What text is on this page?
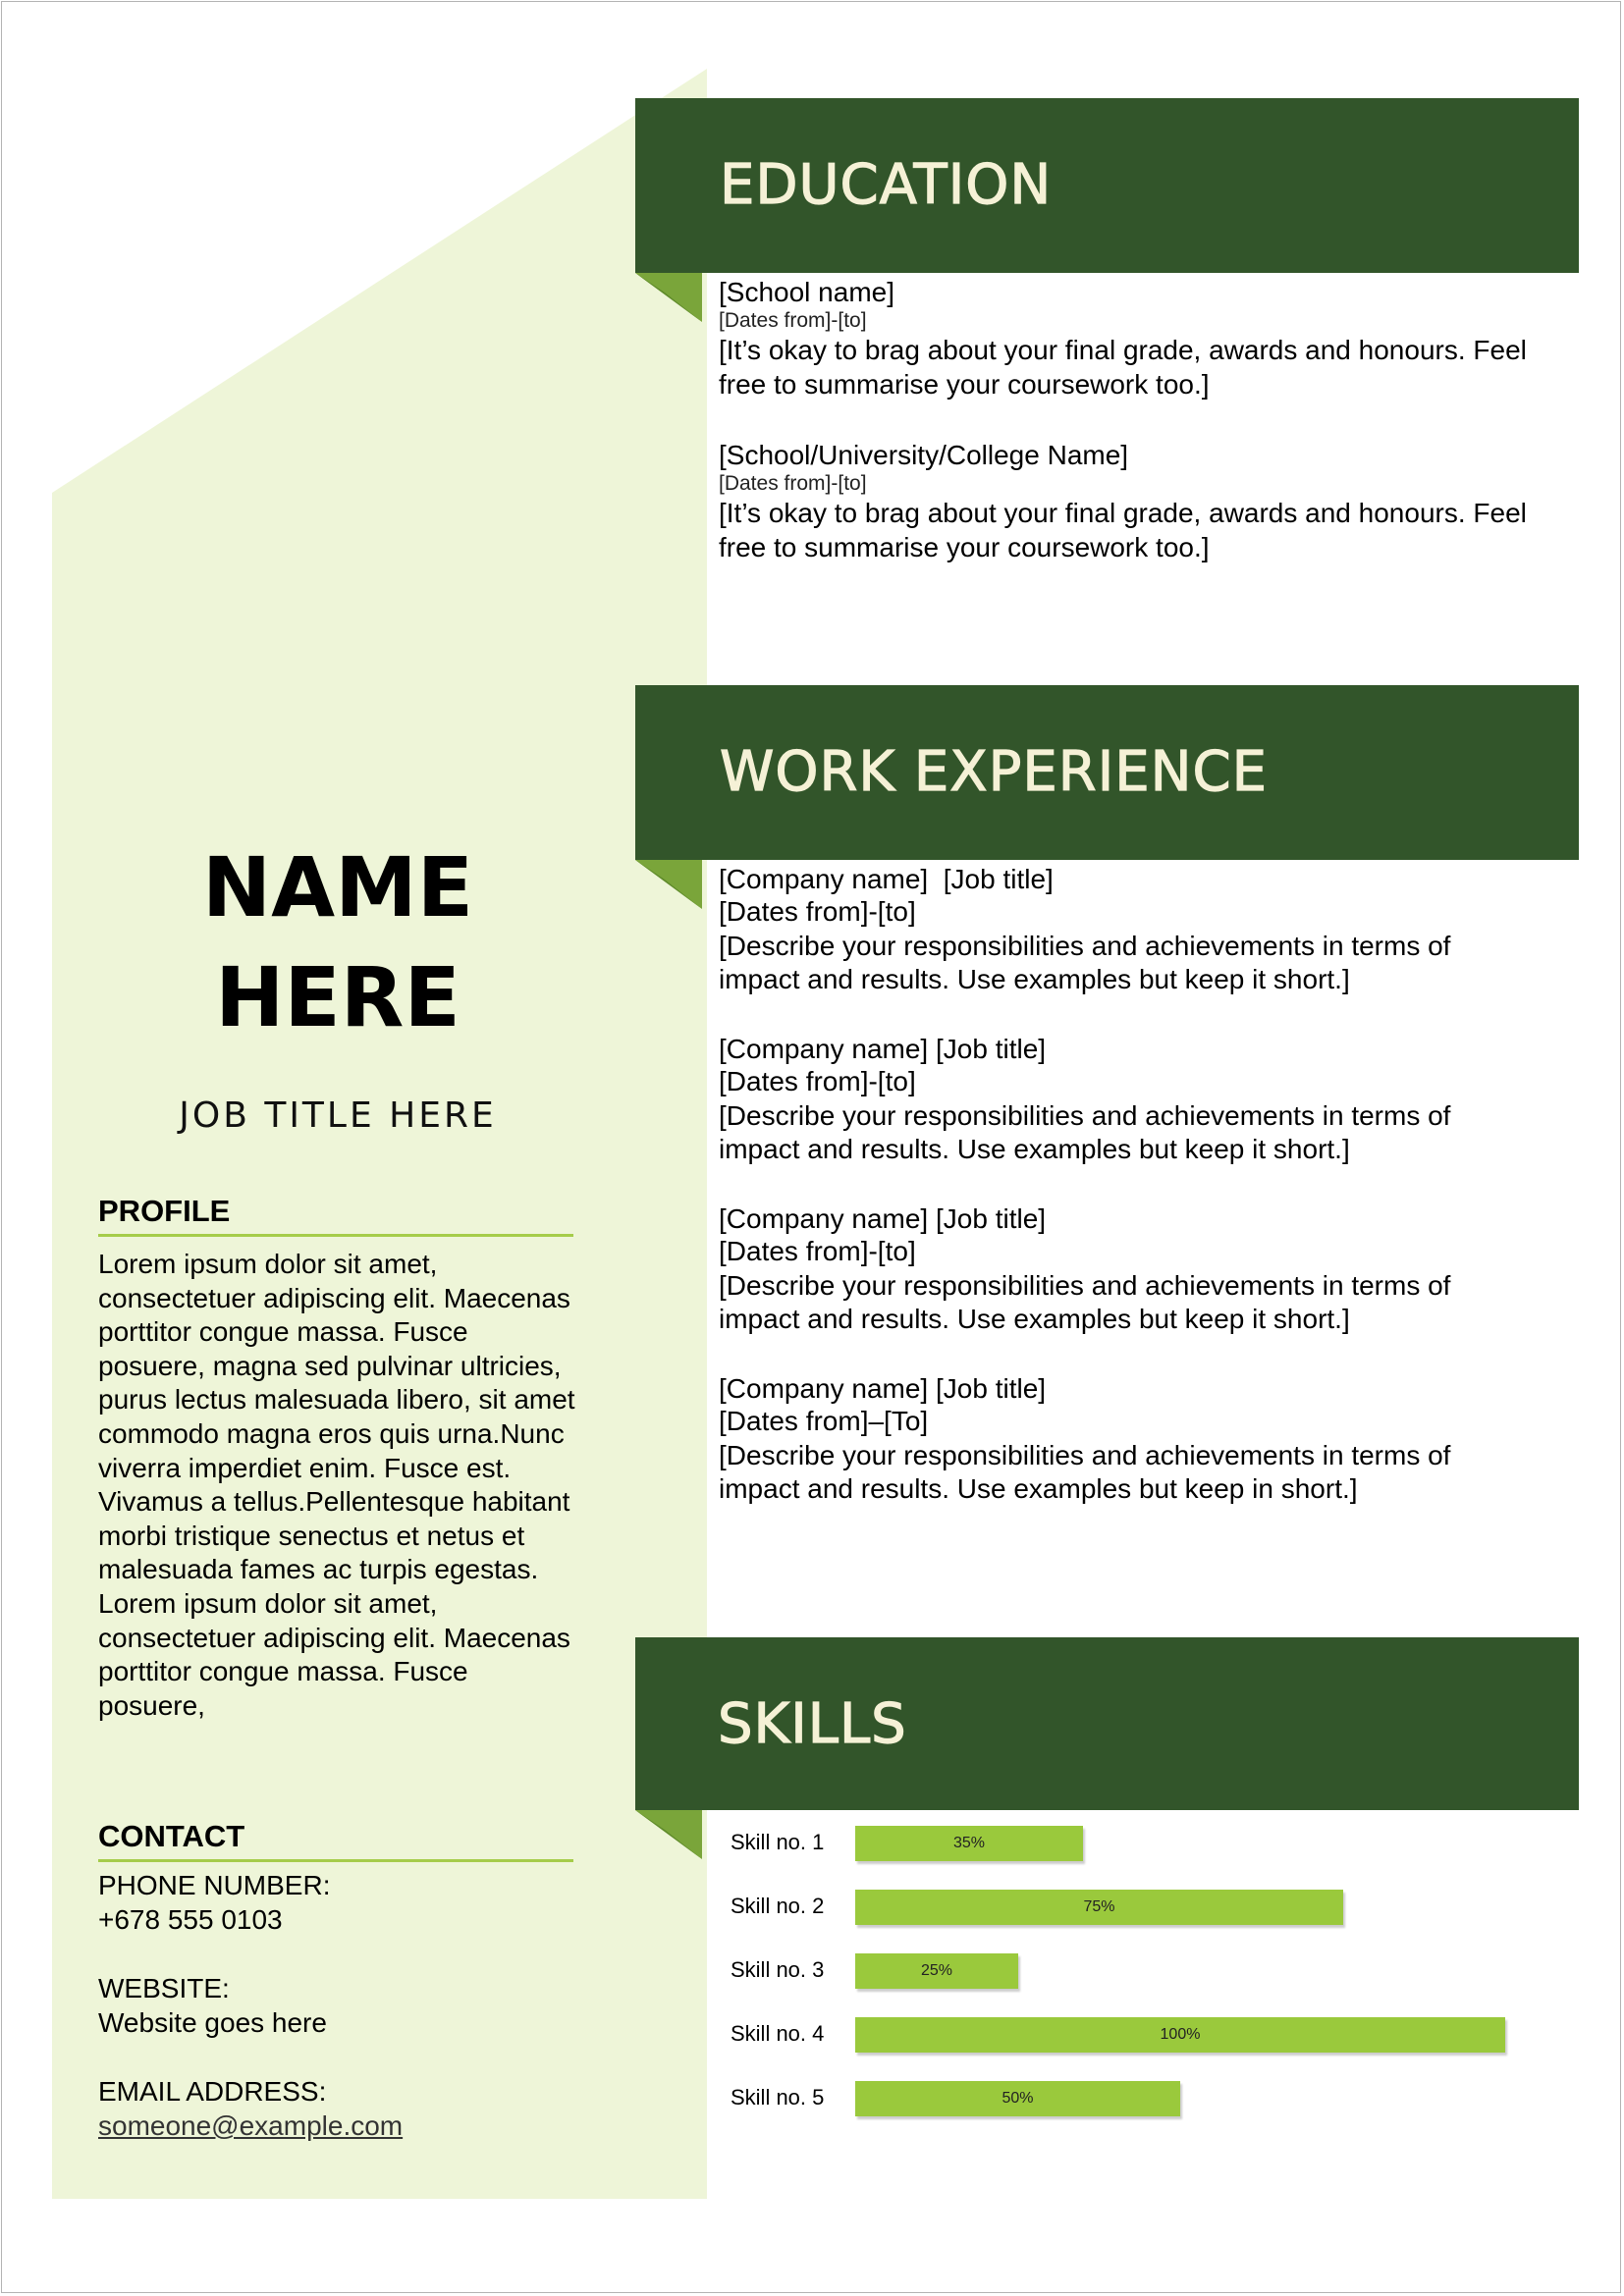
NAME
HERE
JOB TITLE HERE
PROFILE
Lorem ipsum dolor sit amet, consectetuer adipiscing elit. Maecenas porttitor congue massa. Fusce posuere, magna sed pulvinar ultricies, purus lectus malesuada libero, sit amet commodo magna eros quis urna.Nunc viverra imperdiet enim. Fusce est. Vivamus a tellus.Pellentesque habitant morbi tristique senectus et netus et malesuada fames ac turpis egestas. Lorem ipsum dolor sit amet, consectetuer adipiscing elit. Maecenas porttitor congue massa. Fusce posuere,
CONTACT
PHONE NUMBER:
+678 555 0103
WEBSITE:
Website goes here
EMAIL ADDRESS:
someone@example.com
EDUCATION
[School name]
[Dates from]-[to]
[It’s okay to brag about your final grade, awards and honours. Feel free to summarise your coursework too.]
[School/University/College Name]
[Dates from]-[to]
[It’s okay to brag about your final grade, awards and honours. Feel free to summarise your coursework too.]
WORK EXPERIENCE
[Company name]  [Job title]
[Dates from]-[to]
[Describe your responsibilities and achievements in terms of impact and results. Use examples but keep it short.]
[Company name] [Job title]
[Dates from]-[to]
[Describe your responsibilities and achievements in terms of impact and results. Use examples but keep it short.]
[Company name] [Job title]
[Dates from]-[to]
[Describe your responsibilities and achievements in terms of impact and results. Use examples but keep it short.]
[Company name] [Job title]
[Dates from]–[To]
[Describe your responsibilities and achievements in terms of impact and results. Use examples but keep in short.]
SKILLS
Skill no. 1	35%
Skill no. 2	75%
Skill no. 3	25%
Skill no. 4	100%
Skill no. 5	50%
